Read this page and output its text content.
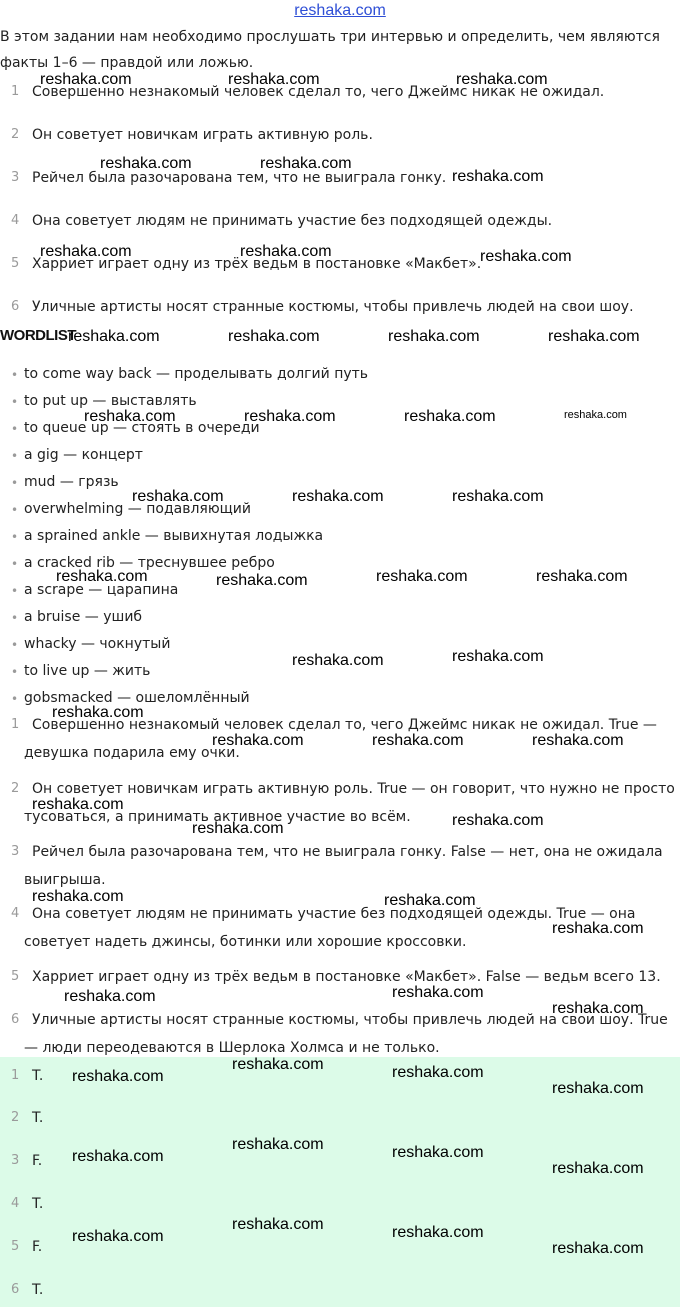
reshaka.com
В этом задании нам необходимо прослушать три интервью и определить, чем являются факты 1–6 — правдой или ложью.
1 Совершенно незнакомый человек сделал то, чего Джеймс никак не ожидал.
2 Он советует новичкам играть активную роль.
3 Рейчел была разочарована тем, что не выиграла гонку.
4 Она советует людям не принимать участие без подходящей одежды.
5 Харриет играет одну из трёх ведьм в постановке «Макбет».
6 Уличные артисты носят странные костюмы, чтобы привлечь людей на свои шоу.
WORDLIST
• to come way back — проделывать долгий путь
• to put up — выставлять
• to queue up — стоять в очереди
• a gig — концерт
• mud — грязь
• overwhelming — подавляющий
• a sprained ankle — вывихнутая лодыжка
• a cracked rib — треснувшее ребро
• a scrape — царапина
• a bruise — ушиб
• whacky — чокнутый
• to live up — жить
• gobsmacked — ошеломлённый
1 Совершенно незнакомый человек сделал то, чего Джеймс никак не ожидал. True —
девушка подарила ему очки.
2 Он советует новичкам играть активную роль. True — он говорит, что нужно не просто
тусоваться, а принимать активное участие во всём.
3 Рейчел была разочарована тем, что не выиграла гонку. False — нет, она не ожидала
выигрыша.
4 Она советует людям не принимать участие без подходящей одежды. True — она
советует надеть джинсы, ботинки или хорошие кроссовки.
5 Харриет играет одну из трёх ведьм в постановке «Макбет». False — ведьм всего 13.
6 Уличные артисты носят странные костюмы, чтобы привлечь людей на свои шоу. True
— люди переодеваются в Шерлока Холмса и не только.
1 T.
2 T.
3 F.
4 T.
5 F.
6 T.
reshaka.com	reshaka.com	reshaka.com
reshaka.com	reshaka.com
reshaka.com
reshaka.com	reshaka.com	reshaka.com
reshaka.com	reshaka.com	reshaka.com	reshaka.com
reshaka.com	reshaka.com	reshaka.com	reshaka.com
reshaka.com	reshaka.com	reshaka.com
reshaka.com	reshaka.com	reshaka.com	reshaka.com
reshaka.com	reshaka.com
reshaka.com
reshaka.com	reshaka.com	reshaka.com
reshaka.com
reshaka.com	reshaka.com
reshaka.com	reshaka.com
reshaka.com
reshaka.com	reshaka.com
reshaka.com
reshaka.com
reshaka.com	reshaka.com
reshaka.com
reshaka.com
reshaka.com	reshaka.com
reshaka.com
reshaka.com
reshaka.com	reshaka.com
reshaka.com
